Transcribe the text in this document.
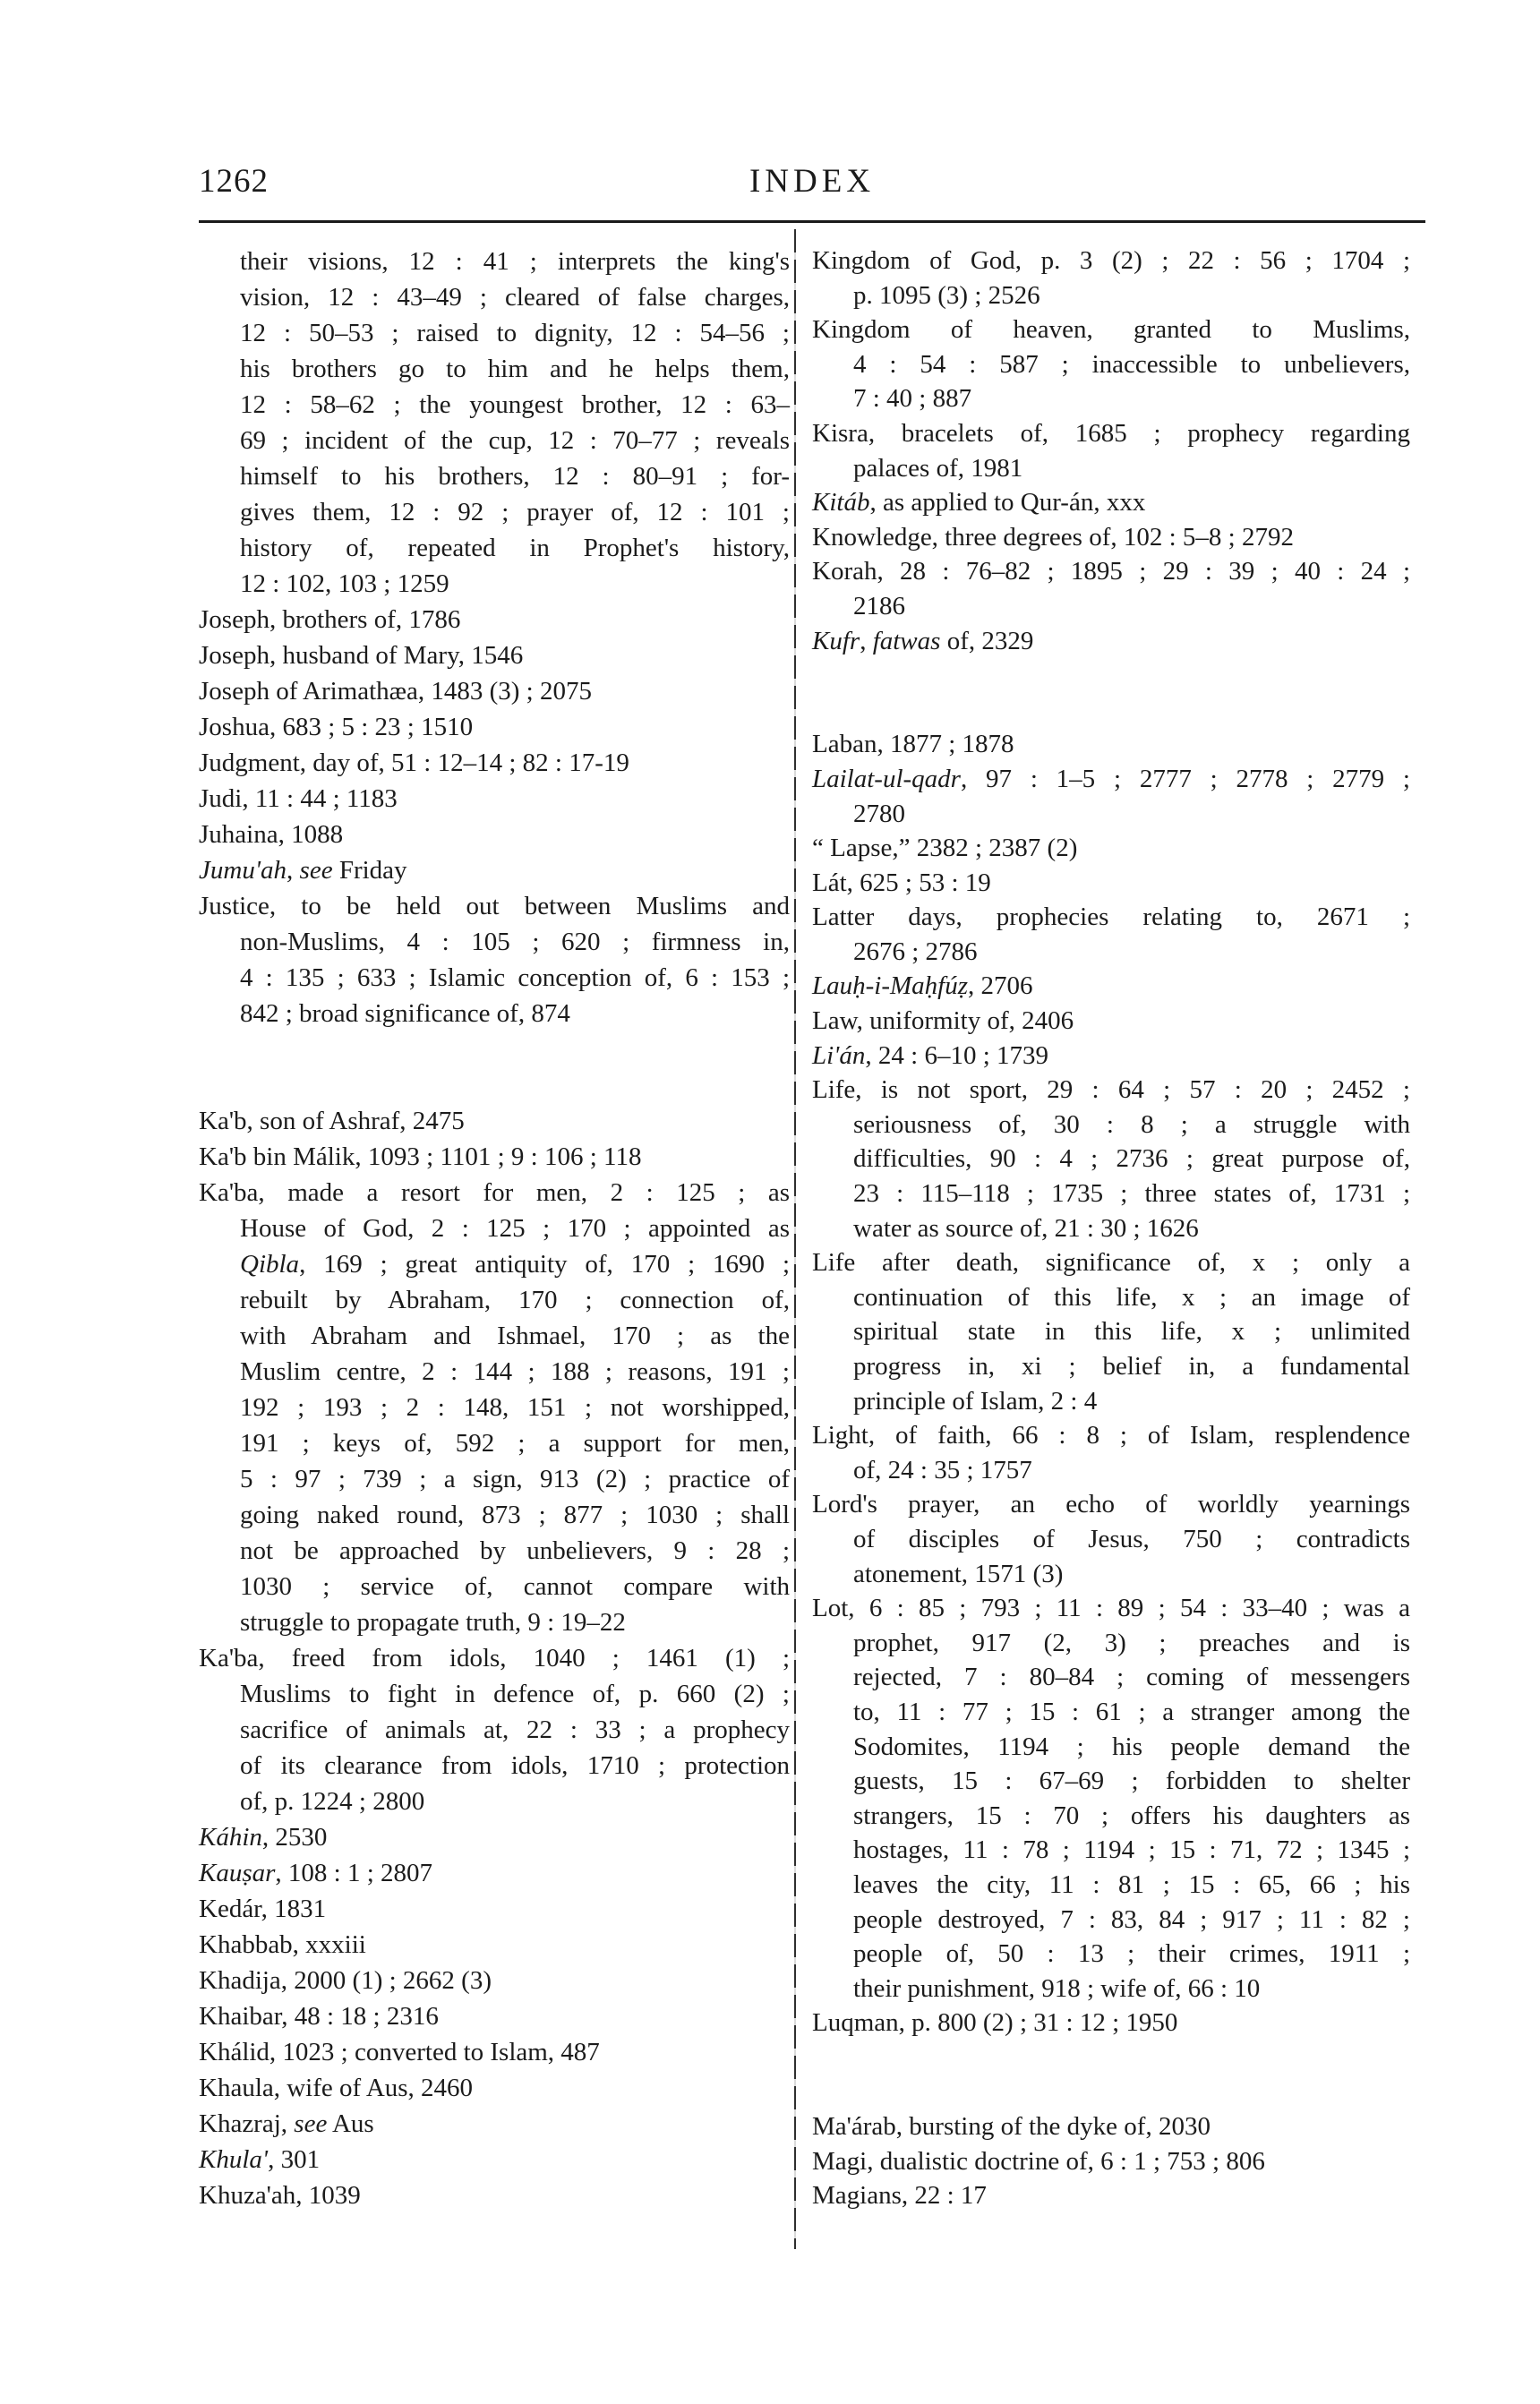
1262	INDEX
their visions, 12 : 41 ; interprets the king's
vision, 12 : 43–49 ; cleared of false charges,
12 : 50–53 ; raised to dignity, 12 : 54–56 ;
his brothers go to him and he helps them,
12 : 58–62 ; the youngest brother, 12 : 63–
69 ; incident of the cup, 12 : 70–77 ; reveals
himself to his brothers, 12 : 80–91 ; for-
gives them, 12 : 92 ; prayer of, 12 : 101 ;
history of, repeated in Prophet's history,
12 : 102, 103 ; 1259
Joseph, brothers of, 1786
Joseph, husband of Mary, 1546
Joseph of Arimathæa, 1483 (3) ; 2075
Joshua, 683 ; 5 : 23 ; 1510
Judgment, day of, 51 : 12–14 ; 82 : 17-19
Judi, 11 : 44 ; 1183
Juhaina, 1088
Jumu'ah, see Friday
Justice, to be held out between Muslims and
non-Muslims, 4 : 105 ; 620 ; firmness in,
4 : 135 ; 633 ; Islamic conception of, 6 : 153 ;
842 ; broad significance of, 874
Ka'b, son of Ashraf, 2475
Ka'b bin Málik, 1093 ; 1101 ; 9 : 106 ; 118
Ka'ba, made a resort for men, 2 : 125 ; as
House of God, 2 : 125 ; 170 ; appointed as
Qibla, 169 ; great antiquity of, 170 ; 1690 ;
rebuilt by Abraham, 170 ; connection of,
with Abraham and Ishmael, 170 ; as the
Muslim centre, 2 : 144 ; 188 ; reasons, 191 ;
192 ; 193 ; 2 : 148, 151 ; not worshipped,
191 ; keys of, 592 ; a support for men,
5 : 97 ; 739 ; a sign, 913 (2) ; practice of
going naked round, 873 ; 877 ; 1030 ; shall
not be approached by unbelievers, 9 : 28 ;
1030 ; service of, cannot compare with
struggle to propagate truth, 9 : 19–22
Ka'ba, freed from idols, 1040 ; 1461 (1) ;
Muslims to fight in defence of, p. 660 (2) ;
sacrifice of animals at, 22 : 33 ; a prophecy
of its clearance from idols, 1710 ; protection
of, p. 1224 ; 2800
Káhin, 2530
Kauṣar, 108 : 1 ; 2807
Kedár, 1831
Khabbab, xxxiii
Khadija, 2000 (1) ; 2662 (3)
Khaibar, 48 : 18 ; 2316
Khálid, 1023 ; converted to Islam, 487
Khaula, wife of Aus, 2460
Khazraj, see Aus
Khula', 301
Khuza'ah, 1039
Kingdom of God, p. 3 (2) ; 22 : 56 ; 1704 ;
p. 1095 (3) ; 2526
Kingdom of heaven, granted to Muslims,
4 : 54 : 587 ; inaccessible to unbelievers,
7 : 40 ; 887
Kisra, bracelets of, 1685 ; prophecy regarding
palaces of, 1981
Kitáb, as applied to Qur-án, xxx
Knowledge, three degrees of, 102 : 5–8 ; 2792
Korah, 28 : 76–82 ; 1895 ; 29 : 39 ; 40 : 24 ;
2186
Kufr, fatwas of, 2329
Laban, 1877 ; 1878
Lailat-ul-qadr, 97 : 1–5 ; 2777 ; 2778 ; 2779 ;
2780
“ Lapse,” 2382 ; 2387 (2)
Lát, 625 ; 53 : 19
Latter days, prophecies relating to, 2671 ;
2676 ; 2786
Lauḥ-i-Maḥfúẓ, 2706
Law, uniformity of, 2406
Li'án, 24 : 6–10 ; 1739
Life, is not sport, 29 : 64 ; 57 : 20 ; 2452 ;
seriousness of, 30 : 8 ; a struggle with
difficulties, 90 : 4 ; 2736 ; great purpose of,
23 : 115–118 ; 1735 ; three states of, 1731 ;
water as source of, 21 : 30 ; 1626
Life after death, significance of, x ; only a
continuation of this life, x ; an image of
spiritual state in this life, x ; unlimited
progress in, xi ; belief in, a fundamental
principle of Islam, 2 : 4
Light, of faith, 66 : 8 ; of Islam, resplendence
of, 24 : 35 ; 1757
Lord's prayer, an echo of worldly yearnings
of disciples of Jesus, 750 ; contradicts
atonement, 1571 (3)
Lot, 6 : 85 ; 793 ; 11 : 89 ; 54 : 33–40 ; was a
prophet, 917 (2, 3) ; preaches and is
rejected, 7 : 80–84 ; coming of messengers
to, 11 : 77 ; 15 : 61 ; a stranger among the
Sodomites, 1194 ; his people demand the
guests, 15 : 67–69 ; forbidden to shelter
strangers, 15 : 70 ; offers his daughters as
hostages, 11 : 78 ; 1194 ; 15 : 71, 72 ; 1345 ;
leaves the city, 11 : 81 ; 15 : 65, 66 ; his
people destroyed, 7 : 83, 84 ; 917 ; 11 : 82 ;
people of, 50 : 13 ; their crimes, 1911 ;
their punishment, 918 ; wife of, 66 : 10
Luqman, p. 800 (2) ; 31 : 12 ; 1950
Ma'árab, bursting of the dyke of, 2030
Magi, dualistic doctrine of, 6 : 1 ; 753 ; 806
Magians, 22 : 17
